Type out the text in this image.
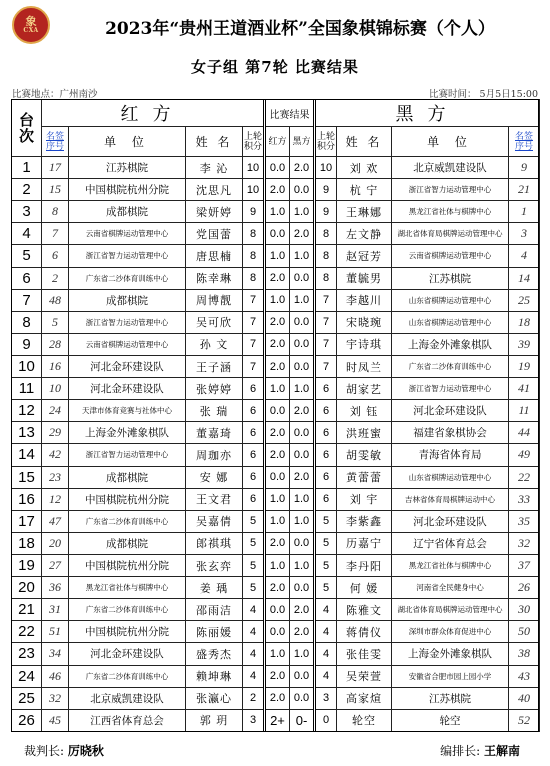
象
CXA	2023年“贵州王道酒业杯”全国象棋锦标赛（个人）
女子组 第7轮 比赛结果
比赛地点：广州南沙	比赛时间： 5月5日15:00
台
次	红方				比赛结果		黑方			

	名签序号	单 位	姓 名	上轮积分	红方	黑方	上轮积分	姓 名	单 位	名签序号

1	17	江苏棋院	李 沁	10	0.0	2.0	10	刘 欢	北京威凯建设队	9
2	15	中国棋院杭州分院	沈思凡	10	2.0	0.0	9	杭 宁	浙江省智力运动管理中心	21
3	8	成都棋院	梁妍婷	9	1.0	1.0	9	王琳娜	黑龙江省社体与棋牌中心	1
4	7	云南省棋牌运动管理中心	党国蕾	8	0.0	2.0	8	左文静	湖北省体育局棋牌运动管理中心	3
5	6	浙江省智力运动管理中心	唐思楠	8	1.0	1.0	8	赵冠芳	云南省棋牌运动管理中心	4
6	2	广东省二沙体育训练中心	陈幸琳	8	2.0	0.0	8	董毓男	江苏棋院	14
7	48	成都棋院	周博靓	7	1.0	1.0	7	李越川	山东省棋牌运动管理中心	25
8	5	浙江省智力运动管理中心	吴可欣	7	2.0	0.0	7	宋晓琬	山东省棋牌运动管理中心	18
9	28	云南省棋牌运动管理中心	孙 文	7	2.0	0.0	7	宇诗琪	上海金外滩象棋队	39
10	16	河北金环建设队	王子涵	7	2.0	0.0	7	时凤兰	广东省二沙体育训练中心	19
11	10	河北金环建设队	张婷婷	6	1.0	1.0	6	胡家艺	浙江省智力运动管理中心	41
12	24	天津市体育竞赛与社体中心	张 瑞	6	0.0	2.0	6	刘 钰	河北金环建设队	11
13	29	上海金外滩象棋队	董嘉琦	6	2.0	0.0	6	洪班蜜	福建省象棋协会	44
14	42	浙江省智力运动管理中心	周珈亦	6	2.0	0.0	6	胡雯敏	青海省体育局	49
15	23	成都棋院	安 娜	6	0.0	2.0	6	黄蕾蕾	山东省棋牌运动管理中心	22
16	12	中国棋院杭州分院	王文君	6	1.0	1.0	6	刘 宇	吉林省体育局棋牌运动中心	33
17	47	广东省二沙体育训练中心	吴嘉倩	5	1.0	1.0	5	李紫鑫	河北金环建设队	35
18	20	成都棋院	郎祺琪	5	2.0	0.0	5	历嘉宁	辽宁省体育总会	32
19	27	中国棋院杭州分院	张玄弈	5	1.0	1.0	5	李丹阳	黑龙江省社体与棋牌中心	37
20	36	黑龙江省社体与棋牌中心	姜 瑀	5	2.0	0.0	5	何 媛	河南省全民健身中心	26
21	31	广东省二沙体育训练中心	邵雨洁	4	0.0	2.0	4	陈雅文	湖北省体育局棋牌运动管理中心	30
22	51	中国棋院杭州分院	陈丽媛	4	0.0	2.0	4	蒋倩仪	深圳市群众体育促进中心	50
23	34	河北金环建设队	盛秀杰	4	1.0	1.0	4	张佳雯	上海金外滩象棋队	38
24	46	广东省二沙体育训练中心	赖坤琳	4	2.0	0.0	4	吴荣萱	安徽省合肥市园上园小学	43
25	32	北京威凯建设队	张瀛心	2	2.0	0.0	3	高家煊	江苏棋院	40
26	45	江西省体育总会	郭 玥	3	2+	0-	0	轮空	轮空	52
裁判长: 厉晓秋	编排长: 王解南
